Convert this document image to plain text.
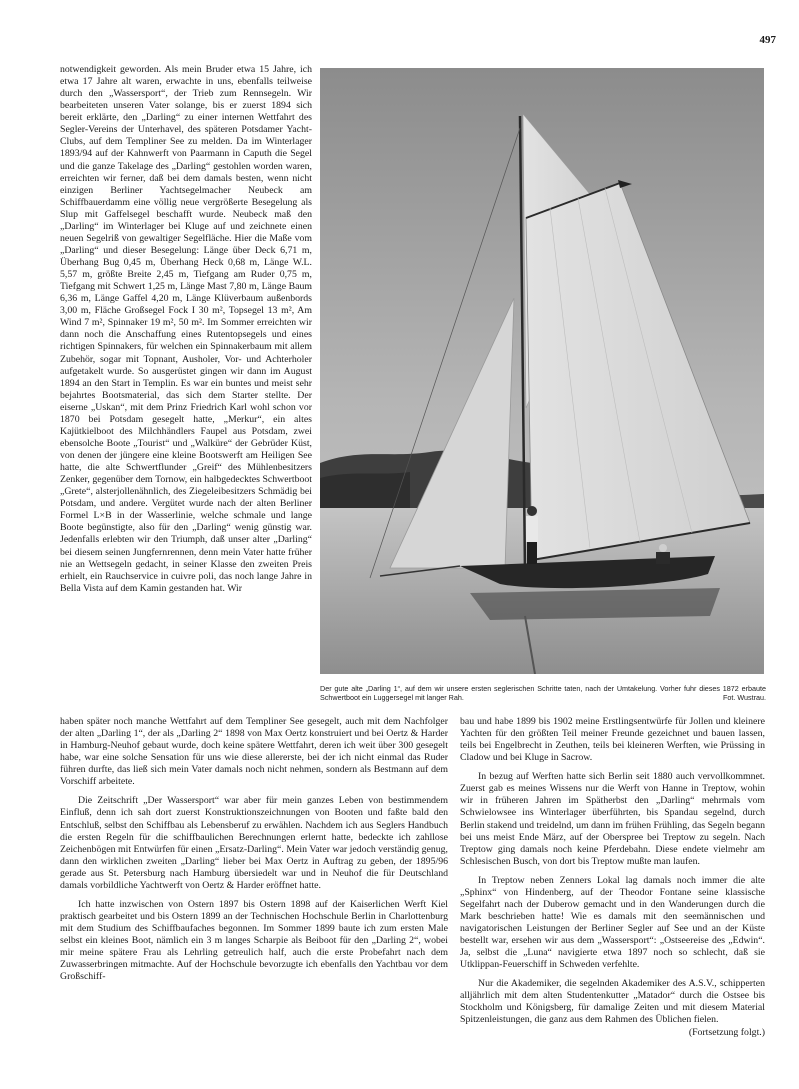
497

notwendigkeit geworden. Als mein Bruder etwa 15 Jahre, ich etwa 17 Jahre alt waren, erwachte in uns, ebenfalls teilweise durch den „Wassersport“, der Trieb zum Rennsegeln. Wir bearbeiteten unseren Vater solange, bis er zuerst 1894 sich bereit erklärte, den „Darling“ zu einer internen Wettfahrt des Segler-Vereins der Unterhavel, des späteren Potsdamer Yacht-Clubs, auf dem Templiner See zu melden. Da im Winterlager 1893/94 auf der Kahnwerft von Paarmann in Caputh die Segel und die ganze Takelage des „Darling“ gestohlen worden waren, erreichten wir ferner, daß bei dem damals besten, wenn nicht einzigen Berliner Yachtsegelmacher Neubeck am Schiffbauerdamm eine völlig neue vergrößerte Besegelung als Slup mit Gaffelsegel beschafft wurde. Neubeck maß den „Darling“ im Winterlager bei Kluge auf und zeichnete einen neuen Segelriß von gewaltiger Segelfläche. Hier die Maße vom „Darling“ und dieser Besegelung: Länge über Deck 6,71 m, Überhang Bug 0,45 m, Überhang Heck 0,68 m, Länge W.L. 5,57 m, größte Breite 2,45 m, Tiefgang am Ruder 0,75 m, Tiefgang mit Schwert 1,25 m, Länge Mast 7,80 m, Länge Baum 6,36 m, Länge Gaffel 4,20 m, Länge Klüverbaum außenbords 3,00 m, Fläche Großsegel Fock I 30 m², Topsegel 13 m², Am Wind 7 m², Spinnaker 19 m², 50 m². Im Sommer erreichten wir dann noch die Anschaffung eines Rutentopsegels und eines richtigen Spinnakers, für welchen ein Spinnakerbaum mit allem Zubehör, sogar mit Topnant, Ausholer, Vor- und Achterholer aufgetakelt wurde. So ausgerüstet gingen wir dann im August 1894 an den Start in Templin. Es war ein buntes und meist sehr bejahrtes Bootsmaterial, das sich dem Starter stellte. Der eiserne „Uskan“, mit dem Prinz Friedrich Karl wohl schon vor 1870 bei Potsdam gesegelt hatte, „Merkur“, ein altes Kajütkielboot des Milchhändlers Faupel aus Potsdam, zwei ebensolche Boote „Tourist“ und „Walküre“ der Gebrüder Küst, von denen der jüngere eine kleine Bootswerft am Heiligen See hatte, die alte Schwertflunder „Greif“ des Mühlenbesitzers Zenker, gegenüber dem Tornow, ein halbgedecktes Schwertboot „Grete“, alsterjollenähnlich, des Ziegeleibesitzers Schmädig bei Potsdam, und andere. Vergütet wurde nach der alten Berliner Formel L×B in der Wasserlinie, welche schmale und lange Boote begünstigte, also für den „Darling“ wenig günstig war. Jedenfalls erlebten wir den Triumph, daß unser alter „Darling“ bei diesem seinen Jungfernrennen, denn mein Vater hatte früher nie an Wettsegeln gedacht, in seiner Klasse den zweiten Preis erhielt, ein Rauchservice in cuivre poli, das noch lange Jahre in Bella Vista auf dem Kamin gestanden hat. Wir

Der gute alte „Darling 1“, auf dem wir unsere ersten seglerischen Schritte taten, nach der Umtakelung. Vorher fuhr dieses 1872 erbaute Schwertboot ein Luggersegel mit langer Rah.	Fot. Wustrau.

haben später noch manche Wettfahrt auf dem Templiner See gesegelt, auch mit dem Nachfolger der alten „Darling 1“, der als „Darling 2“ 1898 von Max Oertz konstruiert und bei Oertz & Harder in Hamburg-Neuhof gebaut wurde, doch keine spätere Wettfahrt, deren ich weit über 300 gesegelt habe, war eine solche Sensation für uns wie diese allererste, bei der ich nicht einmal das Ruder führen durfte, das ließ sich mein Vater damals noch nicht nehmen, sondern als Bestmann auf dem Vorschiff arbeitete.

Die Zeitschrift „Der Wassersport“ war aber für mein ganzes Leben von bestimmendem Einfluß, denn ich sah dort zuerst Konstruktionszeichnungen von Booten und faßte bald den Entschluß, selbst den Schiffbau als Lebensberuf zu erwählen. Nachdem ich aus Seglers Handbuch die ersten Regeln für die schiffbaulichen Berechnungen erlernt hatte, bedeckte ich zahllose Zeichenbögen mit Entwürfen für einen „Ersatz-Darling“. Mein Vater war jedoch verständig genug, dann den wirklichen zweiten „Darling“ lieber bei Max Oertz in Auftrag zu geben, der 1895/96 gerade aus St. Petersburg nach Hamburg übersiedelt war und in Neuhof die für Deutschland damals vorbildliche Yachtwerft von Oertz & Harder eröffnet hatte.

Ich hatte inzwischen von Ostern 1897 bis Ostern 1898 auf der Kaiserlichen Werft Kiel praktisch gearbeitet und bis Ostern 1899 an der Technischen Hochschule Berlin in Charlottenburg mit dem Studium des Schiffbaufaches begonnen. Im Sommer 1899 baute ich zum ersten Male selbst ein kleines Boot, nämlich ein 3 m langes Scharpie als Beiboot für den „Darling 2“, wobei mir meine spätere Frau als Lehrling getreulich half, auch die erste Probefahrt nach dem Zuwasserbringen mitmachte. Auf der Hochschule bevorzugte ich ebenfalls den Yachtbau vor dem Großschiff-

bau und habe 1899 bis 1902 meine Erstlingsentwürfe für Jollen und kleinere Yachten für den größten Teil meiner Freunde gezeichnet und bauen lassen, teils bei Engelbrecht in Zeuthen, teils bei kleineren Werften, wie Prüssing in Cladow und bei Kluge in Sacrow.

In bezug auf Werften hatte sich Berlin seit 1880 auch vervollkommnet. Zuerst gab es meines Wissens nur die Werft von Hanne in Treptow, wohin wir in früheren Jahren im Spätherbst den „Darling“ mehrmals vom Schwielowsee ins Winterlager überführten, bis Spandau segelnd, durch Berlin stakend und treidelnd, um dann im frühen Frühling, das Segeln begann bei uns meist Ende März, auf der Oberspree bei Treptow zu segeln. Nach Treptow ging damals noch keine Pferdebahn. Diese endete vielmehr am Schlesischen Busch, von dort bis Treptow mußte man laufen.

In Treptow neben Zenners Lokal lag damals noch immer die alte „Sphinx“ von Hindenberg, auf der Theodor Fontane seine klassische Segelfahrt nach der Duberow gemacht und in den Wanderungen durch die Mark beschrieben hatte! Wie es damals mit den seemännischen und navigatorischen Leistungen der Berliner Segler auf See und an der Küste bestellt war, ersehen wir aus dem „Wassersport“: „Ostseereise des „Edwin“. Ja, selbst die „Luna“ navigierte etwa 1897 noch so schlecht, daß sie Utklippan-Feuerschiff in Schweden verfehlte.

Nur die Akademiker, die segelnden Akademiker des A.S.V., schipperten alljährlich mit dem alten Studentenkutter „Matador“ durch die Ostsee bis Stockholm und Königsberg, für damalige Zeiten und mit diesem Material Spitzenleistungen, die ganz aus dem Rahmen des Üblichen fielen.
(Fortsetzung folgt.)
